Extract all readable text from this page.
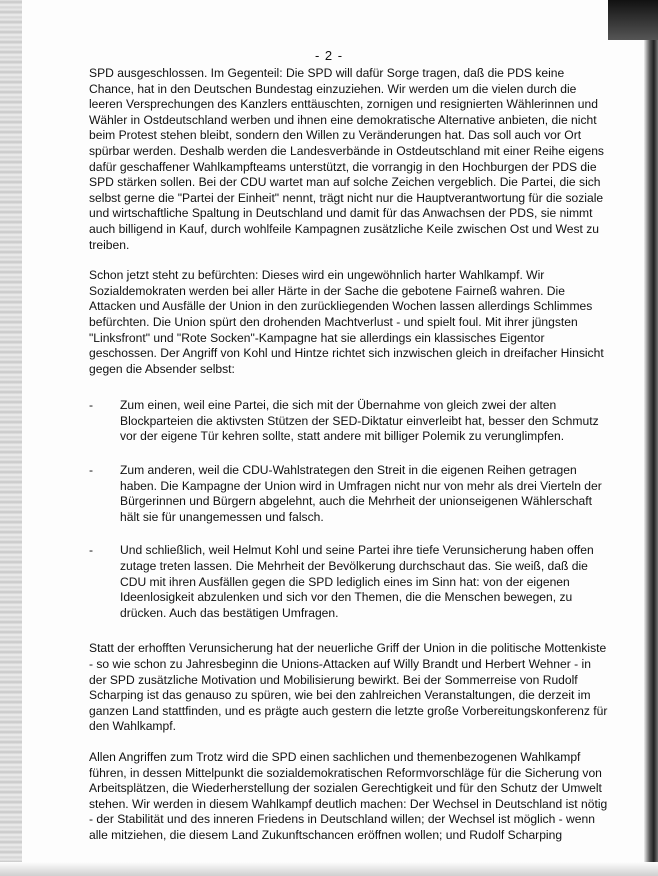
- 2 -

SPD ausgeschlossen. Im Gegenteil: Die SPD will dafür Sorge tragen, daß die PDS keine Chance, hat in den Deutschen Bundestag einzuziehen. Wir werden um die vielen durch die leeren Versprechungen des Kanzlers enttäuschten, zornigen und resignierten Wählerinnen und Wähler in Ostdeutschland werben und ihnen eine demokratische Alternative anbieten, die nicht beim Protest stehen bleibt, sondern den Willen zu Veränderungen hat. Das soll auch vor Ort spürbar werden. Deshalb werden die Landesverbände in Ostdeutschland mit einer Reihe eigens dafür geschaffener Wahlkampfteams unterstützt, die vorrangig in den Hochburgen der PDS die SPD stärken sollen. Bei der CDU wartet man auf solche Zeichen vergeblich. Die Partei, die sich selbst gerne die "Partei der Einheit" nennt, trägt nicht nur die Hauptverantwortung für die soziale und wirtschaftliche Spaltung in Deutschland und damit für das Anwachsen der PDS, sie nimmt auch billigend in Kauf, durch wohlfeile Kampagnen zusätzliche Keile zwischen Ost und West zu treiben.

Schon jetzt steht zu befürchten: Dieses wird ein ungewöhnlich harter Wahlkampf. Wir Sozialdemokraten werden bei aller Härte in der Sache die gebotene Fairneß wahren. Die Attacken und Ausfälle der Union in den zurückliegenden Wochen lassen allerdings Schlimmes befürchten. Die Union spürt den drohenden Machtverlust - und spielt foul. Mit ihrer jüngsten "Linksfront" und "Rote Socken"-Kampagne hat sie allerdings ein klassisches Eigentor geschossen. Der Angriff von Kohl und Hintze richtet sich inzwischen gleich in dreifacher Hinsicht gegen die Absender selbst:

-	Zum einen, weil eine Partei, die sich mit der Übernahme von gleich zwei der alten Blockparteien die aktivsten Stützen der SED-Diktatur einverleibt hat, besser den Schmutz vor der eigene Tür kehren sollte, statt andere mit billiger Polemik zu verunglimpfen.
-	Zum anderen, weil die CDU-Wahlstrategen den Streit in die eigenen Reihen getragen haben. Die Kampagne der Union wird in Umfragen nicht nur von mehr als drei Vierteln der Bürgerinnen und Bürgern abgelehnt, auch die Mehrheit der unionseigenen Wählerschaft hält sie für unangemessen und falsch.
-	Und schließlich, weil Helmut Kohl und seine Partei ihre tiefe Verunsicherung haben offen zutage treten lassen. Die Mehrheit der Bevölkerung durchschaut das. Sie weiß, daß die CDU mit ihren Ausfällen gegen die SPD lediglich eines im Sinn hat: von der eigenen Ideenlosigkeit abzulenken und sich vor den Themen, die die Menschen bewegen, zu drücken. Auch das bestätigen Umfragen.

Statt der erhofften Verunsicherung hat der neuerliche Griff der Union in die politische Mottenkiste - so wie schon zu Jahresbeginn die Unions-Attacken auf Willy Brandt und Herbert Wehner - in der SPD zusätzliche Motivation und Mobilisierung bewirkt. Bei der Sommerreise von Rudolf Scharping ist das genauso zu spüren, wie bei den zahlreichen Veranstaltungen, die derzeit im ganzen Land stattfinden, und es prägte auch gestern die letzte große Vorbereitungskonferenz für den Wahlkampf.

Allen Angriffen zum Trotz wird die SPD einen sachlichen und themenbezogenen Wahlkampf führen, in dessen Mittelpunkt die sozialdemokratischen Reformvorschläge für die Sicherung von Arbeitsplätzen, die Wiederherstellung der sozialen Gerechtigkeit und für den Schutz der Umwelt stehen. Wir werden in diesem Wahlkampf deutlich machen: Der Wechsel in Deutschland ist nötig - der Stabilität und des inneren Friedens in Deutschland willen; der Wechsel ist möglich - wenn alle mitziehen, die diesem Land Zukunftschancen eröffnen wollen; und Rudolf Scharping
